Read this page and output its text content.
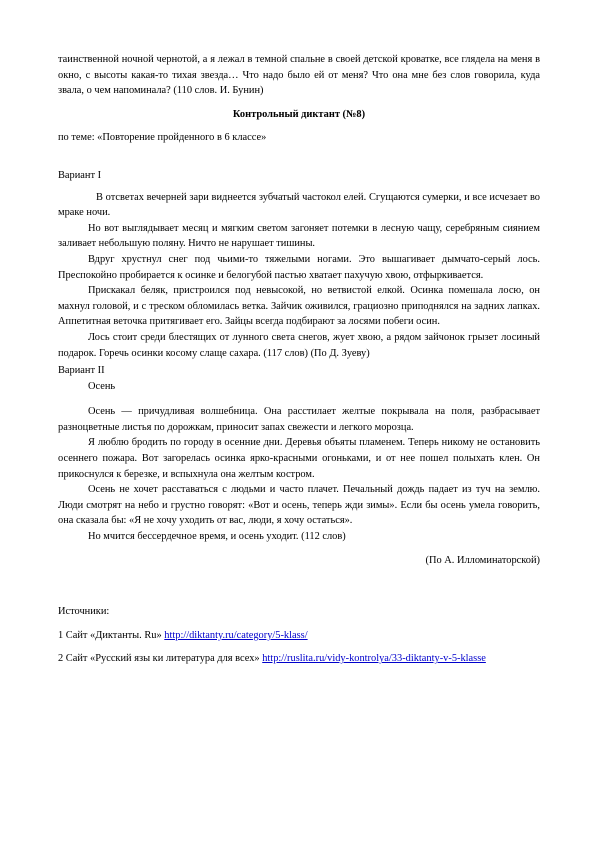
таинственной ночной чернотой, а я лежал в темной спальне в своей детской кроватке, все глядела на меня в окно, с высоты какая-то тихая звезда… Что надо было ей от меня? Что она мне без слов говорила, куда звала, о чем напоминала? (110 слов. И. Бунин)

Контрольный диктант (№8)

по теме: «Повторение пройденного в 6 классе»

Вариант I

В отсветах вечерней зари виднеется зубчатый частокол елей. Сгущаются сумерки, и все исчезает во мраке ночи.

Но вот выглядывает месяц и мягким светом загоняет потемки в лесную чащу, серебряным сиянием заливает небольшую поляну. Ничто не нарушает тишины.

Вдруг хрустнул снег под чьими-то тяжелыми ногами. Это вышагивает дымчато-серый лось. Преспокойно пробирается к осинке и белогубой пастью хватает пахучую хвою, отфыркивается.

Прискакал беляк, пристроился под невысокой, но ветвистой елкой. Осинка помешала лосю, он махнул головой, и с треском обломилась ветка. Зайчик оживился, грациозно приподнялся на задних лапках. Аппетитная веточка притягивает его. Зайцы всегда подбирают за лосями побеги осин.

Лось стоит среди блестящих от лунного света снегов, жует хвою, а рядом зайчонок грызет лосиный подарок. Горечь осинки косому слаще сахара. (117 слов) (По Д. Зуеву)

Вариант II

Осень

Осень — причудливая волшебница. Она расстилает желтые покрывала на поля, разбрасывает разноцветные листья по дорожкам, приносит запах свежести и легкого морозца.

Я люблю бродить по городу в осенние дни. Деревья объяты пламенем. Теперь никому не остановить осеннего пожара. Вот загорелась осинка ярко-красными огоньками, и от нее пошел полыхать клен. Он прикоснулся к березке, и вспыхнула она желтым костром.

Осень не хочет расставаться с людьми и часто плачет. Печальный дождь падает из туч на землю. Люди смотрят на небо и грустно говорят: «Вот и осень, теперь жди зимы». Если бы осень умела говорить, она сказала бы: «Я не хочу уходить от вас, люди, я хочу остаться».

Но мчится бессердечное время, и осень уходит. (112 слов)

(По А. Илломинаторской)

Источники:

1 Сайт «Диктанты. Ru» http://diktanty.ru/category/5-klass/

2 Сайт «Русский язы ки литература для всех» http://ruslita.ru/vidy-kontrolya/33-diktanty-v-5-klasse
